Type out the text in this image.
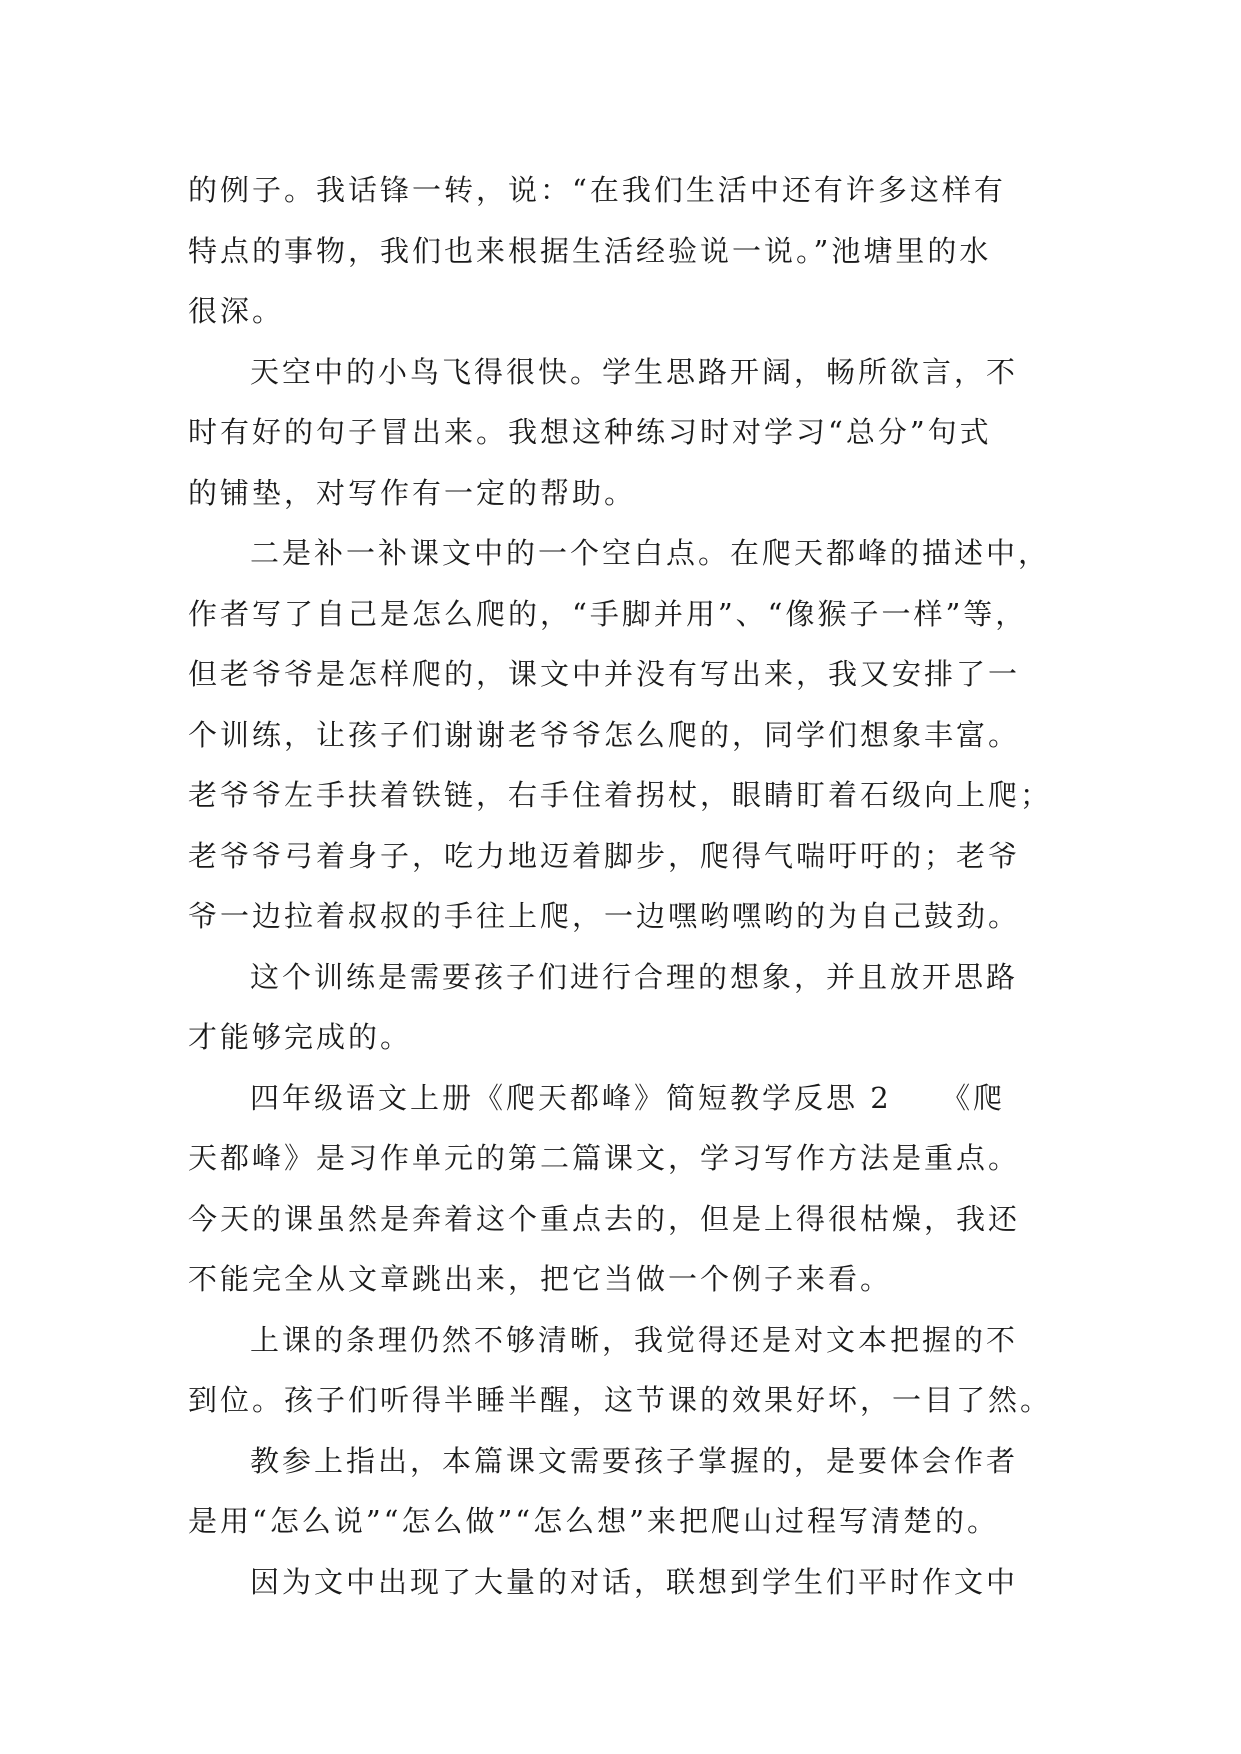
的例子。我话锋一转，说：“在我们生活中还有许多这样有
特点的事物，我们也来根据生活经验说一说。”池塘里的水
很深。
天空中的小鸟飞得很快。学生思路开阔，畅所欲言，不
时有好的句子冒出来。我想这种练习时对学习“总分”句式
的铺垫，对写作有一定的帮助。
二是补一补课文中的一个空白点。在爬天都峰的描述中，
作者写了自己是怎么爬的，“手脚并用”、“像猴子一样”等，
但老爷爷是怎样爬的，课文中并没有写出来，我又安排了一
个训练，让孩子们谢谢老爷爷怎么爬的，同学们想象丰富。
老爷爷左手扶着铁链，右手住着拐杖，眼睛盯着石级向上爬；
老爷爷弓着身子，吃力地迈着脚步，爬得气喘吁吁的；老爷
爷一边拉着叔叔的手往上爬，一边嘿哟嘿哟的为自己鼓劲。
这个训练是需要孩子们进行合理的想象，并且放开思路
才能够完成的。
四年级语文上册《爬天都峰》简短教学反思 2　　《爬
天都峰》是习作单元的第二篇课文，学习写作方法是重点。
今天的课虽然是奔着这个重点去的，但是上得很枯燥，我还
不能完全从文章跳出来，把它当做一个例子来看。
上课的条理仍然不够清晰，我觉得还是对文本把握的不
到位。孩子们听得半睡半醒，这节课的效果好坏，一目了然。
教参上指出，本篇课文需要孩子掌握的，是要体会作者
是用“怎么说”“怎么做”“怎么想”来把爬山过程写清楚的。
因为文中出现了大量的对话，联想到学生们平时作文中
